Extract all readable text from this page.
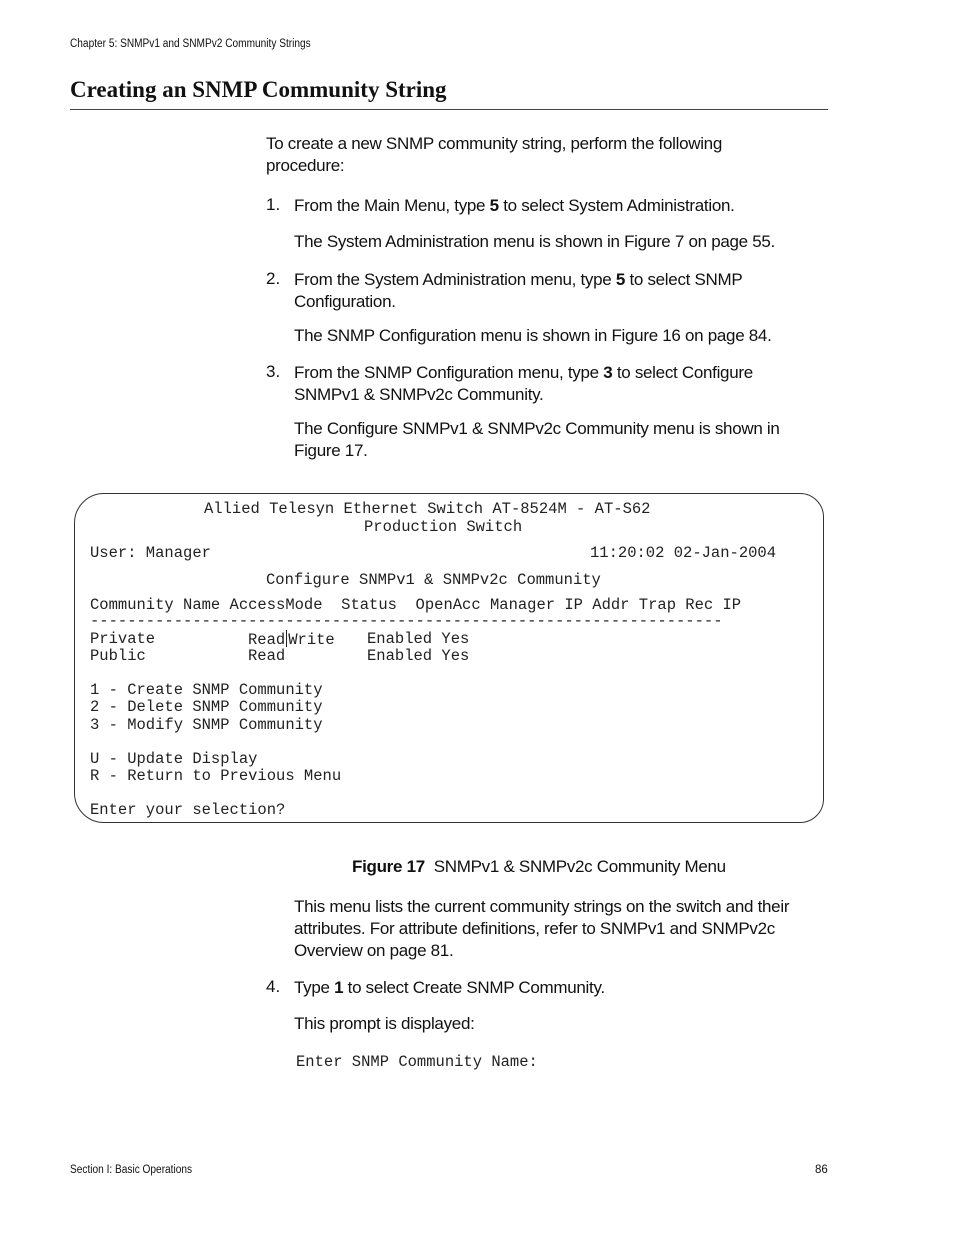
Chapter 5: SNMPv1 and SNMPv2 Community Strings
Creating an SNMP Community String
To create a new SNMP community string, perform the following procedure:
1. From the Main Menu, type 5 to select System Administration.
The System Administration menu is shown in Figure 7 on page 55.
2. From the System Administration menu, type 5 to select SNMP Configuration.
The SNMP Configuration menu is shown in Figure 16 on page 84.
3. From the SNMP Configuration menu, type 3 to select Configure SNMPv1 & SNMPv2c Community.
The Configure SNMPv1 & SNMPv2c Community menu is shown in Figure 17.
Allied Telesyn Ethernet Switch AT-8524M - AT-S62
Production Switch
User: Manager	11:20:02 02-Jan-2004
Configure SNMPv1 & SNMPv2c Community
Community Name AccessMode  Status  OpenAcc Manager IP Addr Trap Rec IP
--------------------------------------------------------------------
Private	Read Write Enabled Yes
Public	Read	Enabled Yes
1 - Create SNMP Community
2 - Delete SNMP Community
3 - Modify SNMP Community
U - Update Display
R - Return to Previous Menu
Enter your selection?
Figure 17 SNMPv1 & SNMPv2c Community Menu
This menu lists the current community strings on the switch and their attributes. For attribute definitions, refer to SNMPv1 and SNMPv2c Overview on page 81.
4. Type 1 to select Create SNMP Community.
This prompt is displayed:
Enter SNMP Community Name:
Section I: Basic Operations	86
